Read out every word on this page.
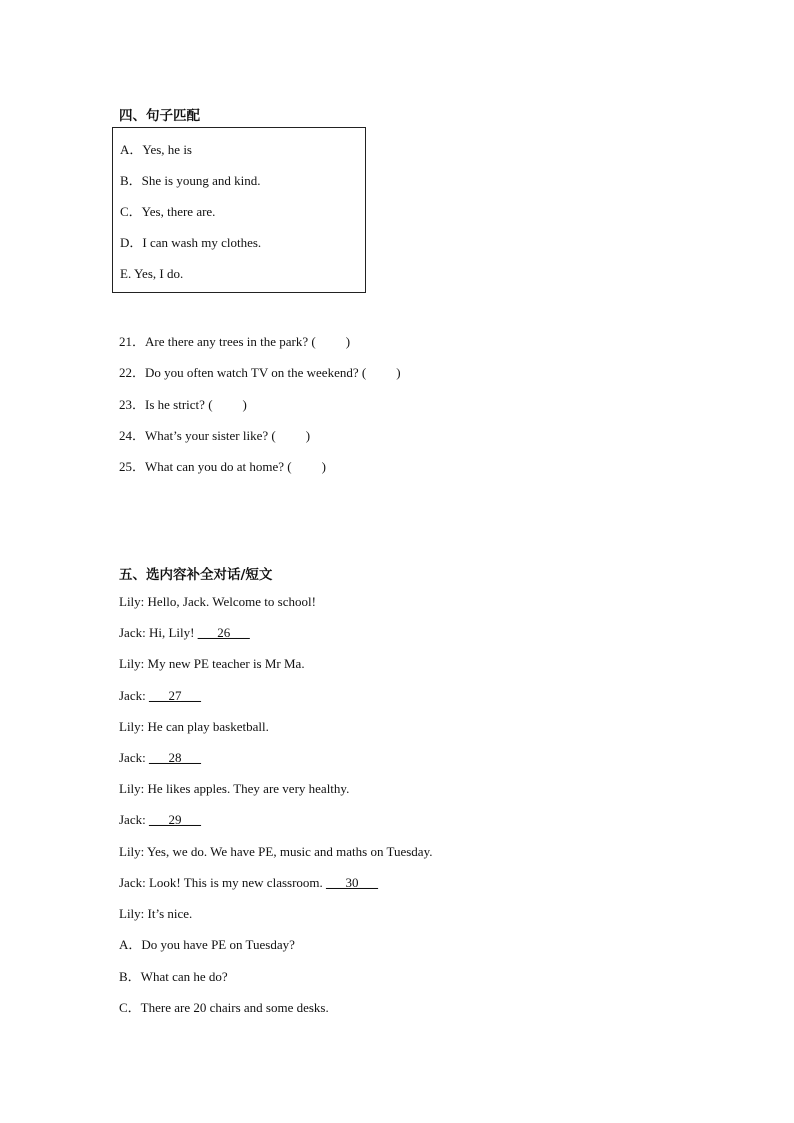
四、句子匹配
A．Yes, he is
B．She is young and kind.
C．Yes, there are.
D．I can wash my clothes.
E. Yes, I do.
21．Are there any trees in the park? ( )
22．Do you often watch TV on the weekend? ( )
23．Is he strict? ( )
24．What’s your sister like? ( )
25．What can you do at home? ( )
五、选内容补全对话/短文
Lily: Hello, Jack. Welcome to school!
Jack: Hi, Lily! ___26___
Lily: My new PE teacher is Mr Ma.
Jack: ___27___
Lily: He can play basketball.
Jack: ___28___
Lily: He likes apples. They are very healthy.
Jack: ___29___
Lily: Yes, we do. We have PE, music and maths on Tuesday.
Jack: Look! This is my new classroom. ___30___
Lily: It’s nice.
A．Do you have PE on Tuesday?
B．What can he do?
C．There are 20 chairs and some desks.
